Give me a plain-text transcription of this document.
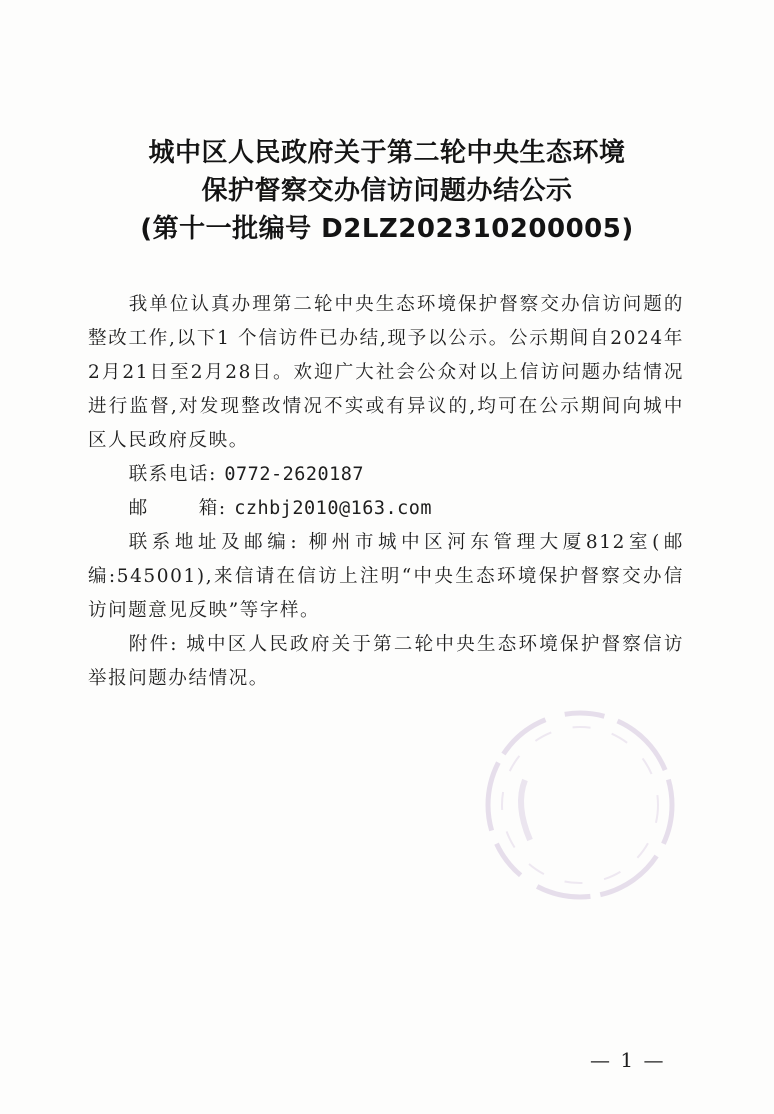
城中区人民政府关于第二轮中央生态环境
保护督察交办信访问题办结公示
(第十一批编号 D2LZ202310200005)
我单位认真办理第二轮中央生态环境保护督察交办信访问题的整改工作,以下1 个信访件已办结,现予以公示。公示期间自2024年2月21日至2月28日。欢迎广大社会公众对以上信访问题办结情况进行监督,对发现整改情况不实或有异议的,均可在公示期间向城中区人民政府反映。
联系电话: 0772-2620187
邮	箱: czhbj2010@163.com
联系地址及邮编: 柳州市城中区河东管理大厦812室(邮编:545001),来信请在信访上注明“中央生态环境保护督察交办信访问题意见反映”等字样。
附件: 城中区人民政府关于第二轮中央生态环境保护督察信访举报问题办结情况。
— 1 —
